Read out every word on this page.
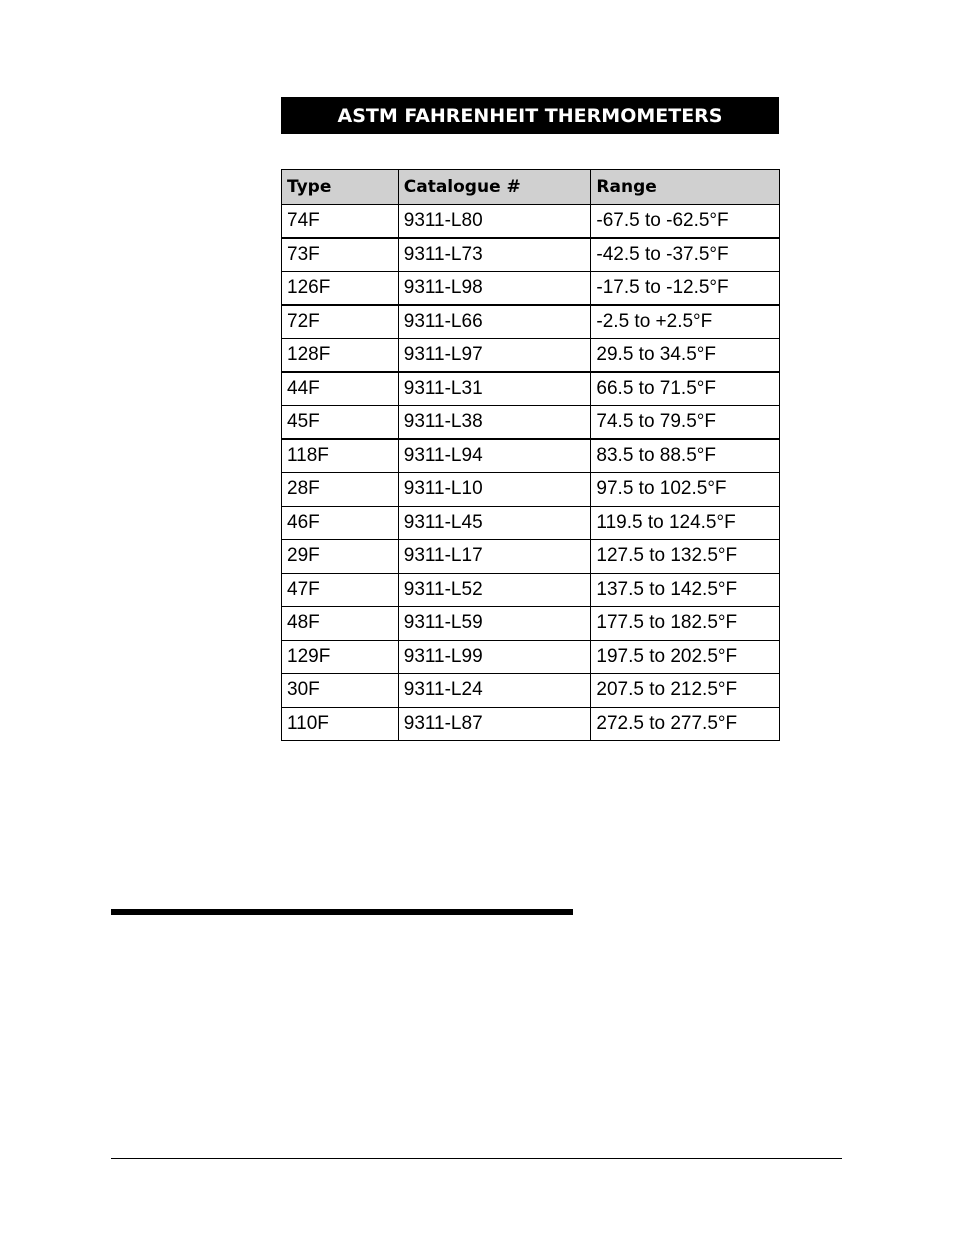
ASTM FAHRENHEIT THERMOMETERS
Type	Catalogue #	Range
74F	9311-L80	-67.5 to -62.5°F
73F	9311-L73	-42.5 to -37.5°F
126F	9311-L98	-17.5 to -12.5°F
72F	9311-L66	-2.5 to +2.5°F
128F	9311-L97	29.5 to 34.5°F
44F	9311-L31	66.5 to 71.5°F
45F	9311-L38	74.5 to 79.5°F
118F	9311-L94	83.5 to 88.5°F
28F	9311-L10	97.5 to 102.5°F
46F	9311-L45	119.5 to 124.5°F
29F	9311-L17	127.5 to 132.5°F
47F	9311-L52	137.5 to 142.5°F
48F	9311-L59	177.5 to 182.5°F
129F	9311-L99	197.5 to 202.5°F
30F	9311-L24	207.5 to 212.5°F
110F	9311-L87	272.5 to 277.5°F
